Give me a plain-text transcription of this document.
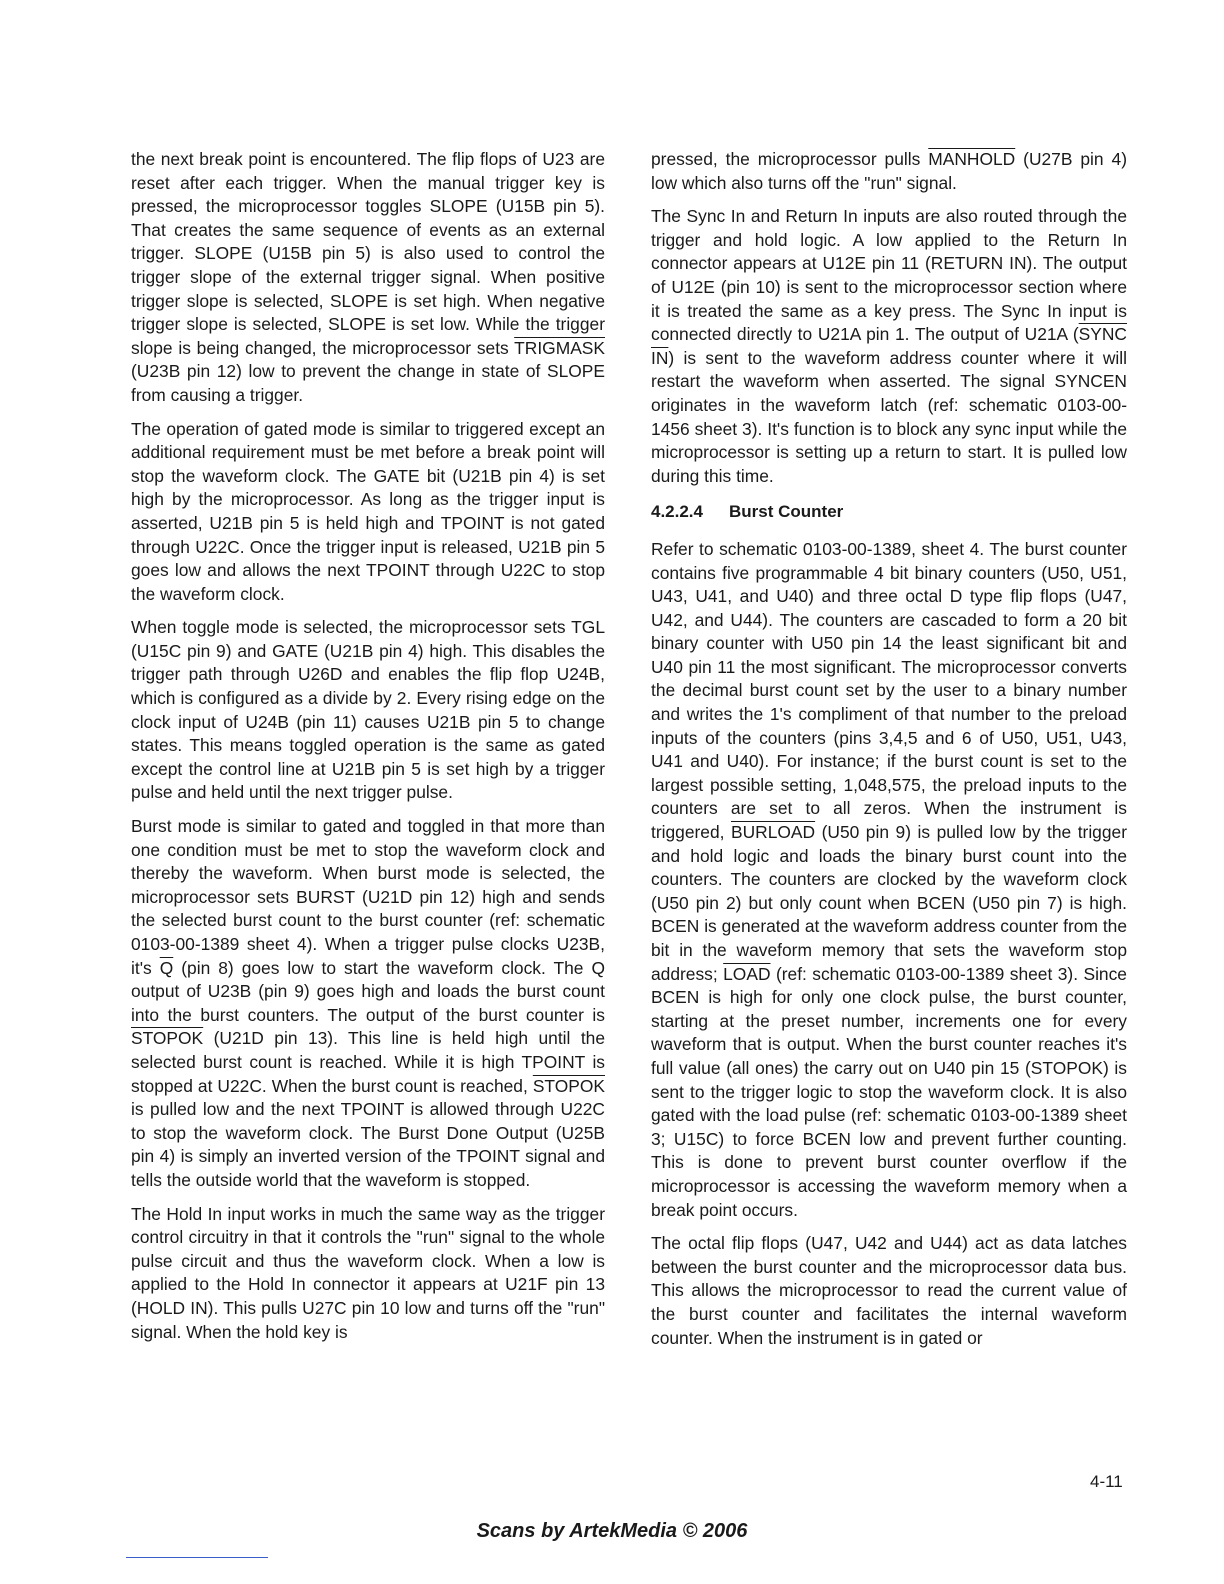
the next break point is encountered. The flip flops of U23 are reset after each trigger. When the manual trigger key is pressed, the microprocessor toggles SLOPE (U15B pin 5). That creates the same sequence of events as an external trigger. SLOPE (U15B pin 5) is also used to control the trigger slope of the external trigger signal. When positive trigger slope is selected, SLOPE is set high. When negative trigger slope is selected, SLOPE is set low. While the trigger slope is being changed, the microprocessor sets TRIGMASK (U23B pin 12) low to prevent the change in state of SLOPE from causing a trigger.

The operation of gated mode is similar to triggered except an additional requirement must be met before a break point will stop the waveform clock. The GATE bit (U21B pin 4) is set high by the microprocessor. As long as the trigger input is asserted, U21B pin 5 is held high and TPOINT is not gated through U22C. Once the trigger input is released, U21B pin 5 goes low and allows the next TPOINT through U22C to stop the waveform clock.

When toggle mode is selected, the microprocessor sets TGL (U15C pin 9) and GATE (U21B pin 4) high. This disables the trigger path through U26D and enables the flip flop U24B, which is configured as a divide by 2. Every rising edge on the clock input of U24B (pin 11) causes U21B pin 5 to change states. This means toggled operation is the same as gated except the control line at U21B pin 5 is set high by a trigger pulse and held until the next trigger pulse.

Burst mode is similar to gated and toggled in that more than one condition must be met to stop the waveform clock and thereby the waveform. When burst mode is selected, the microprocessor sets BURST (U21D pin 12) high and sends the selected burst count to the burst counter (ref: schematic 0103-00-1389 sheet 4). When a trigger pulse clocks U23B, it's $\overline{Q}$ (pin 8) goes low to start the waveform clock. The Q output of U23B (pin 9) goes high and loads the burst count into the burst counters. The output of the burst counter is STOPOK (U21D pin 13). This line is held high until the selected burst count is reached. While it is high TPOINT is stopped at U22C. When the burst count is reached, STOPOK is pulled low and the next TPOINT is allowed through U22C to stop the waveform clock. The Burst Done Output (U25B pin 4) is simply an inverted version of the TPOINT signal and tells the outside world that the waveform is stopped.

The Hold In input works in much the same way as the trigger control circuitry in that it controls the "run" signal to the whole pulse circuit and thus the waveform clock. When a low is applied to the Hold In connector it appears at U21F pin 13 (HOLD IN). This pulls U27C pin 10 low and turns off the "run" signal. When the hold key is

pressed, the microprocessor pulls MANHOLD (U27B pin 4) low which also turns off the "run" signal.

The Sync In and Return In inputs are also routed through the trigger and hold logic. A low applied to the Return In connector appears at U12E pin 11 (RETURN IN). The output of U12E (pin 10) is sent to the microprocessor section where it is treated the same as a key press. The Sync In input is connected directly to U21A pin 1. The output of U21A (SYNC IN) is sent to the waveform address counter where it will restart the waveform when asserted. The signal SYNCEN originates in the waveform latch (ref: schematic 0103-00-1456 sheet 3). It's function is to block any sync input while the microprocessor is setting up a return to start. It is pulled low during this time.

4.2.2.4 Burst Counter

Refer to schematic 0103-00-1389, sheet 4. The burst counter contains five programmable 4 bit binary counters (U50, U51, U43, U41, and U40) and three octal D type flip flops (U47, U42, and U44). The counters are cascaded to form a 20 bit binary counter with U50 pin 14 the least significant bit and U40 pin 11 the most significant. The microprocessor converts the decimal burst count set by the user to a binary number and writes the 1's compliment of that number to the preload inputs of the counters (pins 3,4,5 and 6 of U50, U51, U43, U41 and U40). For instance; if the burst count is set to the largest possible setting, 1,048,575, the preload inputs to the counters are set to all zeros. When the instrument is triggered, BURLOAD (U50 pin 9) is pulled low by the trigger and hold logic and loads the binary burst count into the counters. The counters are clocked by the waveform clock (U50 pin 2) but only count when BCEN (U50 pin 7) is high. BCEN is generated at the waveform address counter from the bit in the waveform memory that sets the waveform stop address; LOAD (ref: schematic 0103-00-1389 sheet 3). Since BCEN is high for only one clock pulse, the burst counter, starting at the preset number, increments one for every waveform that is output. When the burst counter reaches it's full value (all ones) the carry out on U40 pin 15 (STOPOK) is sent to the trigger logic to stop the waveform clock. It is also gated with the load pulse (ref: schematic 0103-00-1389 sheet 3; U15C) to force BCEN low and prevent further counting. This is done to prevent burst counter overflow if the microprocessor is accessing the waveform memory when a break point occurs.

The octal flip flops (U47, U42 and U44) act as data latches between the burst counter and the microprocessor data bus. This allows the microprocessor to read the current value of the burst counter and facilitates the internal waveform counter. When the instrument is in gated or

4-11
Scans by ArtekMedia © 2006
